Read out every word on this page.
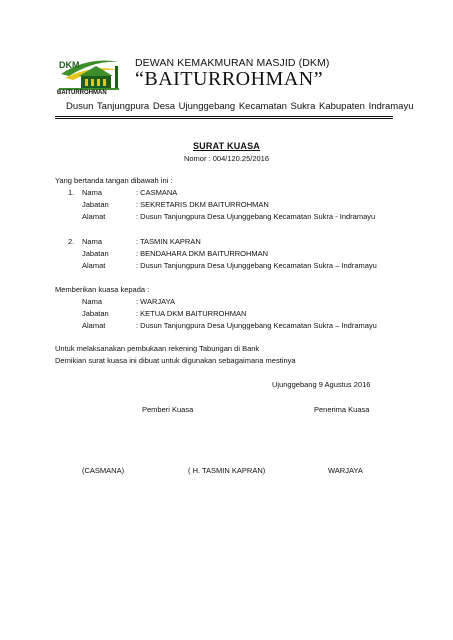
DKM
BAITURROHMAN
DEWAN KEMAKMURAN MASJID (DKM)
“BAITURROHMAN”
Dusun Tanjungpura Desa Ujunggebang Kecamatan Sukra Kabupaten Indramayu
SURAT KUASA
Nomor : 004/120.25/2016
Yang bertanda tangan dibawah ini :
1. Nama	: CASMANA
Jabatan	: SEKRETARIS DKM BAITURROHMAN
Alamat	: Dusun Tanjungpura Desa Ujunggebang Kecamatan Sukra - Indramayu
2. Nama	: TASMIN KAPRAN
Jabatan	: BENDAHARA DKM BAITURROHMAN
Alamat	: Dusun Tanjungpura Desa Ujunggebang Kecamatan Sukra – Indramayu
Memberikan kuasa kepada :
Nama	: WARJAYA
Jabatan	: KETUA DKM BAITURROHMAN
Alamat	: Dusun Tanjungpura Desa Ujunggebang Kecamatan Sukra – Indramayu
Untuk melaksanakan pembukaan rekening Tabungan di Bank
Demikian surat kuasa ini dibuat untuk digunakan sebagaimana mestinya
Ujunggebang 9 Agustus 2016
Pemberi Kuasa	Penerima Kuasa
(CASMANA)	( H. TASMIN KAPRAN)	WARJAYA
